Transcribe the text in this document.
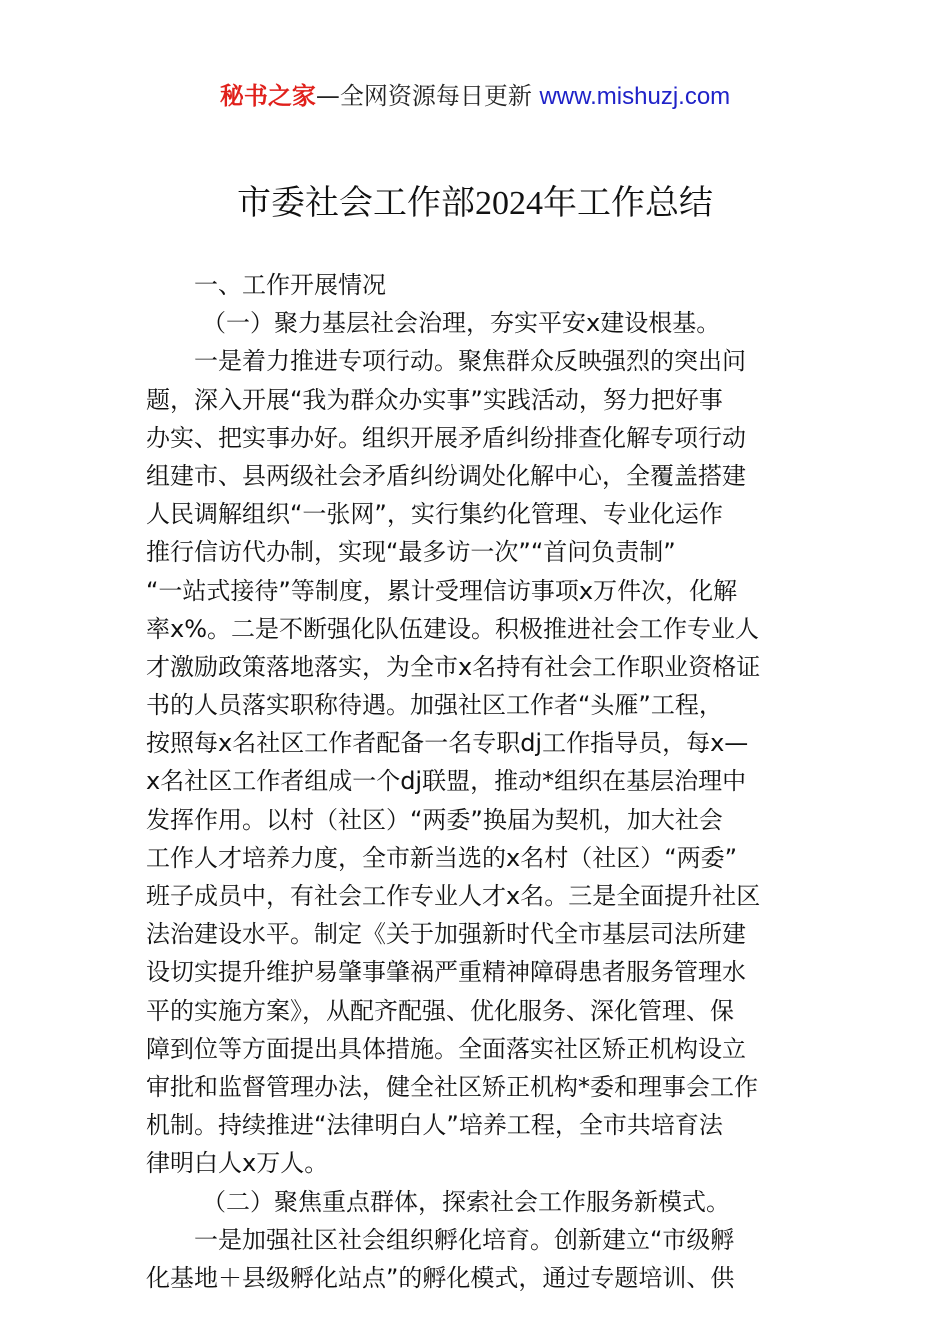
秘书之家—全网资源每日更新 www.mishuzj.com
市委社会工作部2024年工作总结
一、工作开展情况
（一）聚力基层社会治理，夯实平安x建设根基。
一是着力推进专项行动。聚焦群众反映强烈的突出问
题，深入开展“我为群众办实事”实践活动，努力把好事
办实、把实事办好。组织开展矛盾纠纷排查化解专项行动
组建市、县两级社会矛盾纠纷调处化解中心，全覆盖搭建
人民调解组织“一张网”，实行集约化管理、专业化运作
推行信访代办制，实现“最多访一次”“首问负责制”
“一站式接待”等制度，累计受理信访事项x万件次，化解
率x%。二是不断强化队伍建设。积极推进社会工作专业人
才激励政策落地落实，为全市x名持有社会工作职业资格证
书的人员落实职称待遇。加强社区工作者“头雁”工程，
按照每x名社区工作者配备一名专职dj工作指导员，每x—
x名社区工作者组成一个dj联盟，推动*组织在基层治理中
发挥作用。以村（社区）“两委”换届为契机，加大社会
工作人才培养力度，全市新当选的x名村（社区）“两委”
班子成员中，有社会工作专业人才x名。三是全面提升社区
法治建设水平。制定《关于加强新时代全市基层司法所建
设切实提升维护易肇事肇祸严重精神障碍患者服务管理水
平的实施方案》，从配齐配强、优化服务、深化管理、保
障到位等方面提出具体措施。全面落实社区矫正机构设立
审批和监督管理办法，健全社区矫正机构*委和理事会工作
机制。持续推进“法律明白人”培养工程，全市共培育法
律明白人x万人。
（二）聚焦重点群体，探索社会工作服务新模式。
一是加强社区社会组织孵化培育。创新建立“市级孵
化基地＋县级孵化站点”的孵化模式，通过专题培训、供
